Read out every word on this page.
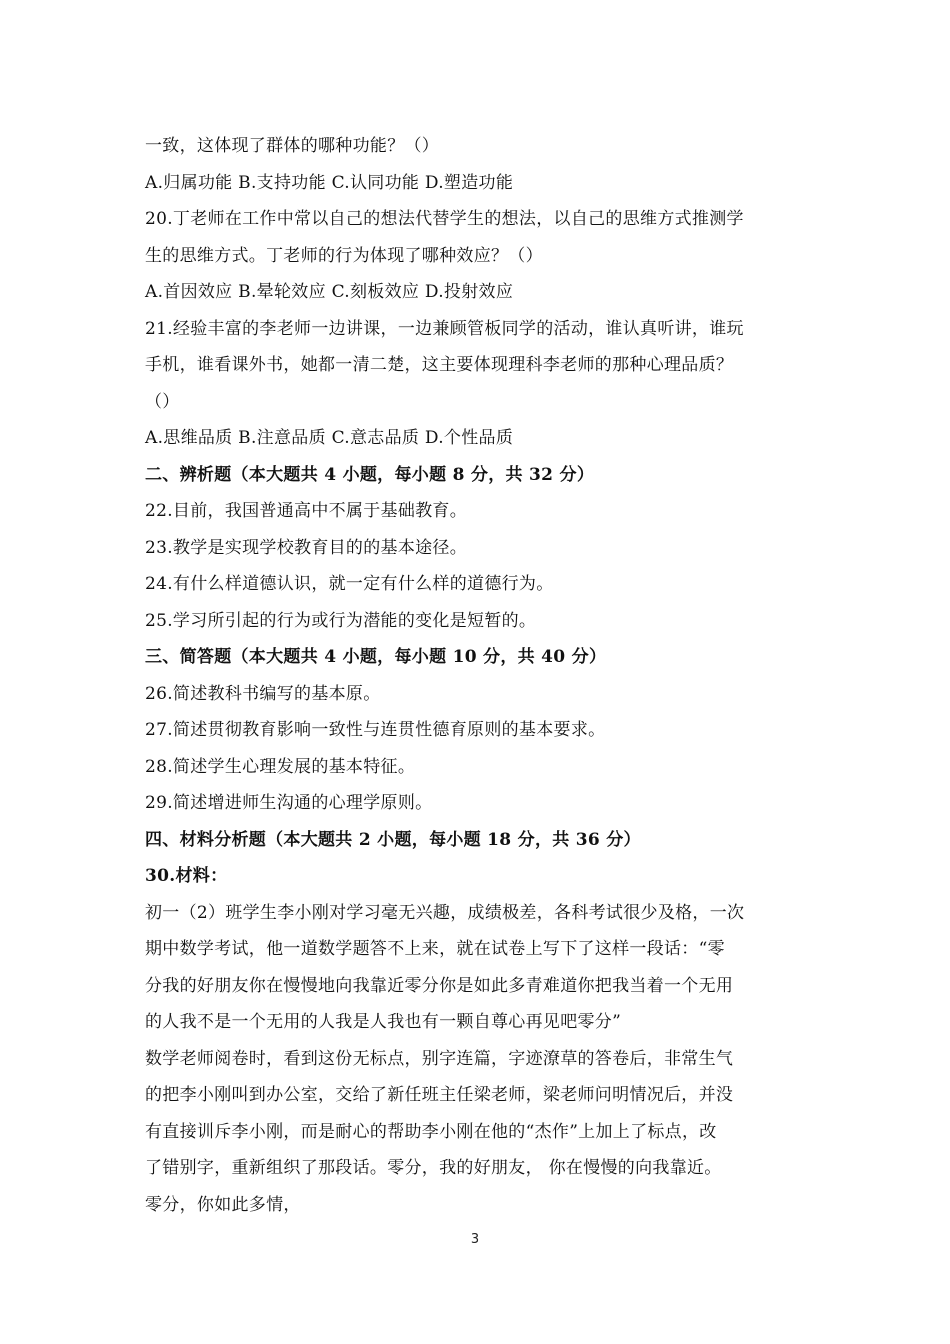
一致，这体现了群体的哪种功能？（）
A.归属功能 B.支持功能 C.认同功能 D.塑造功能
20.丁老师在工作中常以自己的想法代替学生的想法，以自己的思维方式推测学
生的思维方式。丁老师的行为体现了哪种效应？（）
A.首因效应 B.晕轮效应 C.刻板效应 D.投射效应
21.经验丰富的李老师一边讲课，一边兼顾管板同学的活动，谁认真听讲，谁玩
手机，谁看课外书，她都一清二楚，这主要体现理科李老师的那种心理品质？
（）
A.思维品质 B.注意品质 C.意志品质 D.个性品质
二、辨析题（本大题共 4 小题，每小题 8 分，共 32 分）
22.目前，我国普通高中不属于基础教育。
23.教学是实现学校教育目的的基本途径。
24.有什么样道德认识，就一定有什么样的道德行为。
25.学习所引起的行为或行为潜能的变化是短暂的。
三、简答题（本大题共 4 小题，每小题 10 分，共 40 分）
26.简述教科书编写的基本原。
27.简述贯彻教育影响一致性与连贯性德育原则的基本要求。
28.简述学生心理发展的基本特征。
29.简述增进师生沟通的心理学原则。
四、材料分析题（本大题共 2 小题，每小题 18 分，共 36 分）
30.材料：
初一（2）班学生李小刚对学习毫无兴趣，成绩极差，各科考试很少及格，一次
期中数学考试，他一道数学题答不上来，就在试卷上写下了这样一段话：“零
分我的好朋友你在慢慢地向我靠近零分你是如此多青难道你把我当着一个无用
的人我不是一个无用的人我是人我也有一颗自尊心再见吧零分”
数学老师阅卷时，看到这份无标点，别字连篇，字迹潦草的答卷后，非常生气
的把李小刚叫到办公室，交给了新任班主任梁老师，梁老师问明情况后，并没
有直接训斥李小刚，而是耐心的帮助李小刚在他的“杰作”上加上了标点，改
了错别字，重新组织了那段话。零分，我的好朋友， 你在慢慢的向我靠近。
零分，你如此多情，
3
